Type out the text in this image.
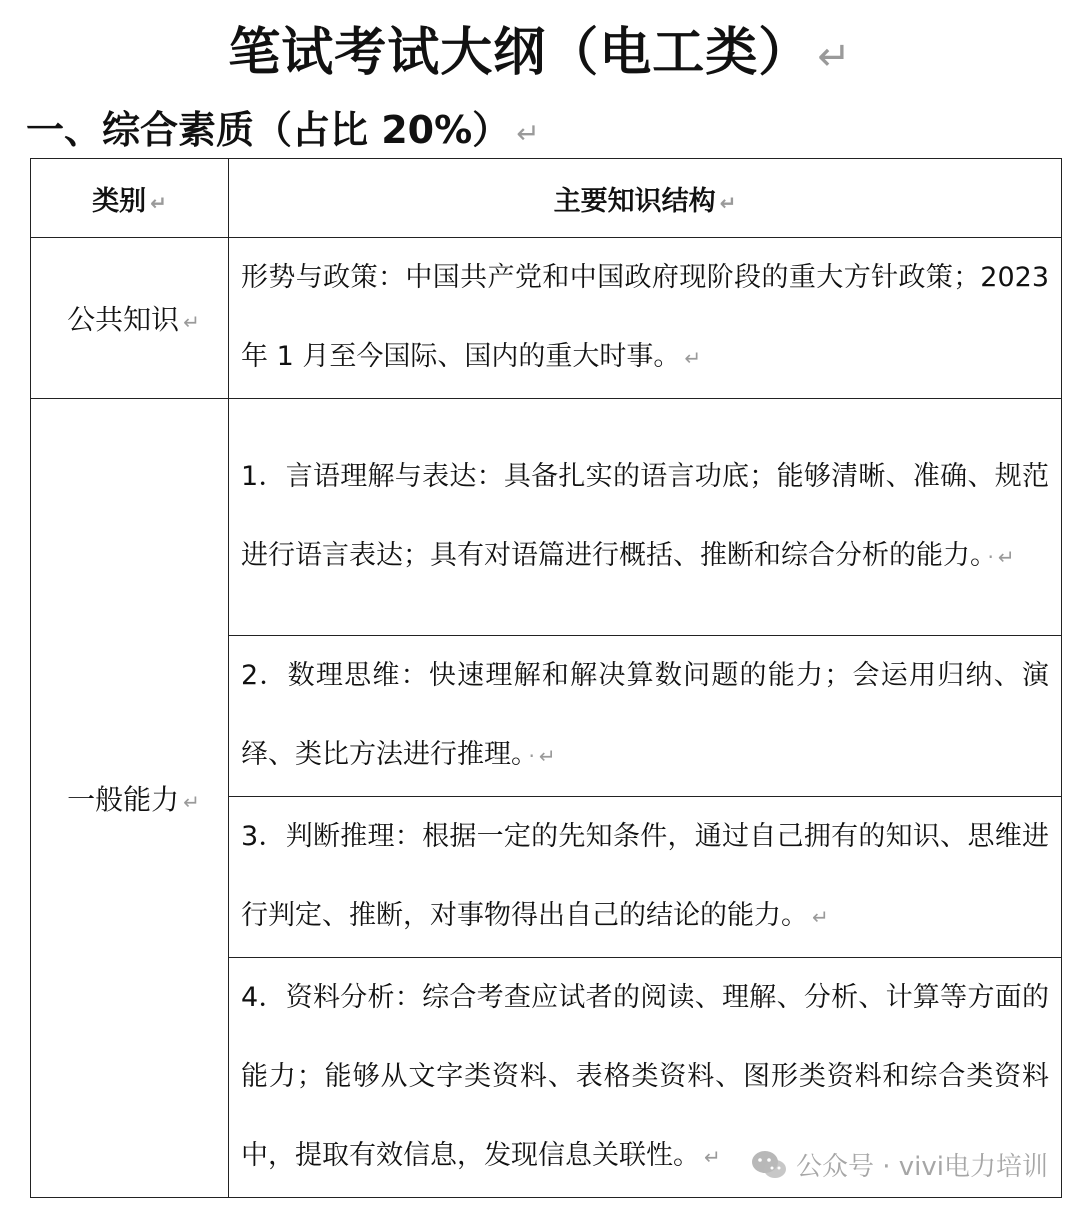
笔试考试大纲（电工类） ↵
一、综合素质（占比 20%） ↵
类别 ↵	主要知识结构 ↵
公共知识 ↵	形势与政策：中国共产党和中国政府现阶段的重大方针政策；2023 年 1 月至今国际、国内的重大时事。 ↵

一般能力 ↵	1．言语理解与表达：具备扎实的语言功底；能够清晰、准确、规范进行语言表达；具有对语篇进行概括、推断和综合分析的能力。 · ↵

	2．数理思维：快速理解和解决算数问题的能力；会运用归纳、演绎、类比方法进行推理。 · ↵

	3．判断推理：根据一定的先知条件，通过自己拥有的知识、思维进行判定、推断，对事物得出自己的结论的能力。 ↵

	4．资料分析：综合考查应试者的阅读、理解、分析、计算等方面的能力；能够从文字类资料、表格类资料、图形类资料和综合类资料中，提取有效信息，发现信息关联性。 ↵	公众号 · vivi电力培训
